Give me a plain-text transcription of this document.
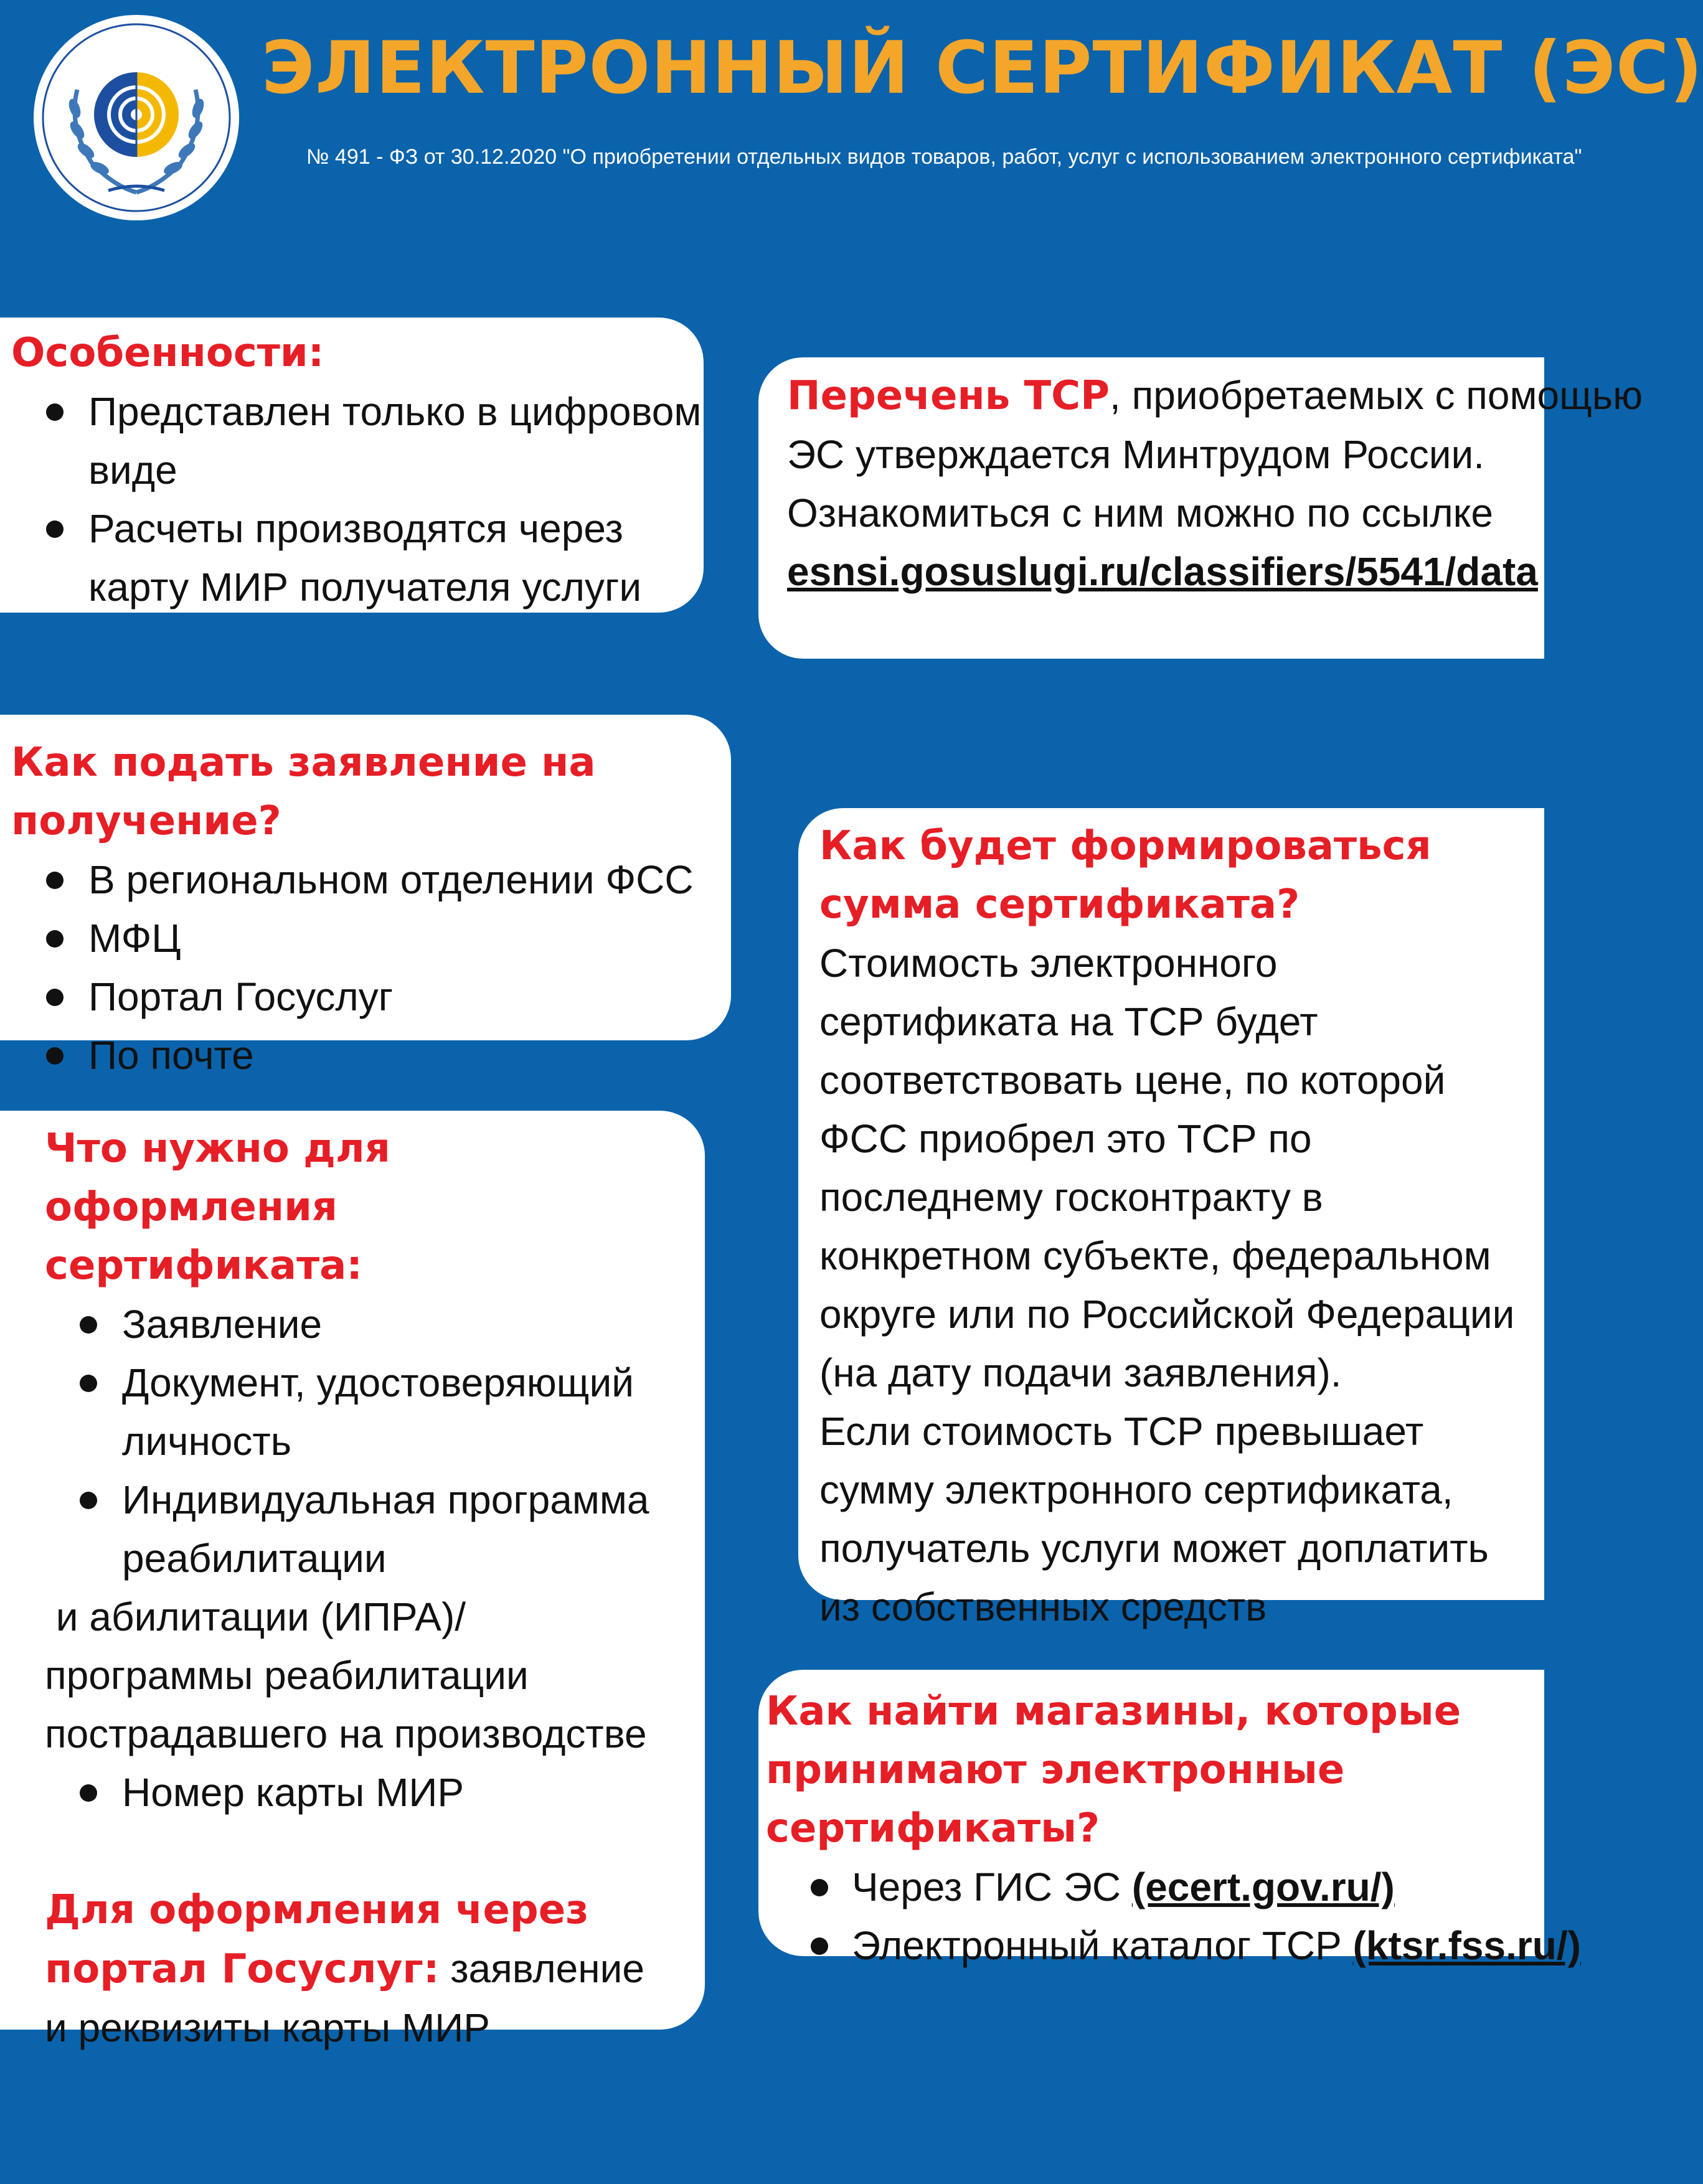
ЭЛЕКТРОННЫЙ СЕРТИФИКАТ (ЭС)
№ 491 - ФЗ от 30.12.2020 "О приобретении отдельных видов товаров, работ, услуг с использованием электронного сертификата"
Особенности:
Представлен только в цифровом виде
Расчеты производятся через карту МИР получателя услуги

Перечень ТСР, приобретаемых с помощью

ЭС утверждается Минтрудом России.

Ознакомиться с ним можно по ссылке

esnsi.gosuslugi.ru/classifiers/5541/data

Как подать заявление на получение?
В региональном отделении ФСС
МФЦ
Портал Госуслуг
По почте
Как будет формироваться сумма сертификата?

Стоимость электронного сертификата на ТСР будет соответствовать цене, по которой ФСС приобрел это ТСР по последнему госконтракту в конкретном субъекте, федеральном округе или по Российской Федерации (на дату подачи заявления).

Если стоимость ТСР превышает сумму электронного сертификата, получатель услуги может доплатить из собственных средств

Что нужно для оформления сертификата:
Заявление
Документ, удостоверяющий личность
Индивидуальная программа реабилитации

и абилитации (ИПРА)/программы реабилитации пострадавшего на производстве

Номер карты МИР

Для оформления через портал Госуслуг: заявление и реквизиты карты МИР

Как найти магазины, которые принимают электронные сертификаты?
Через ГИС ЭС (ecert.gov.ru/)
Электронный каталог ТСР (ktsr.fss.ru/)
